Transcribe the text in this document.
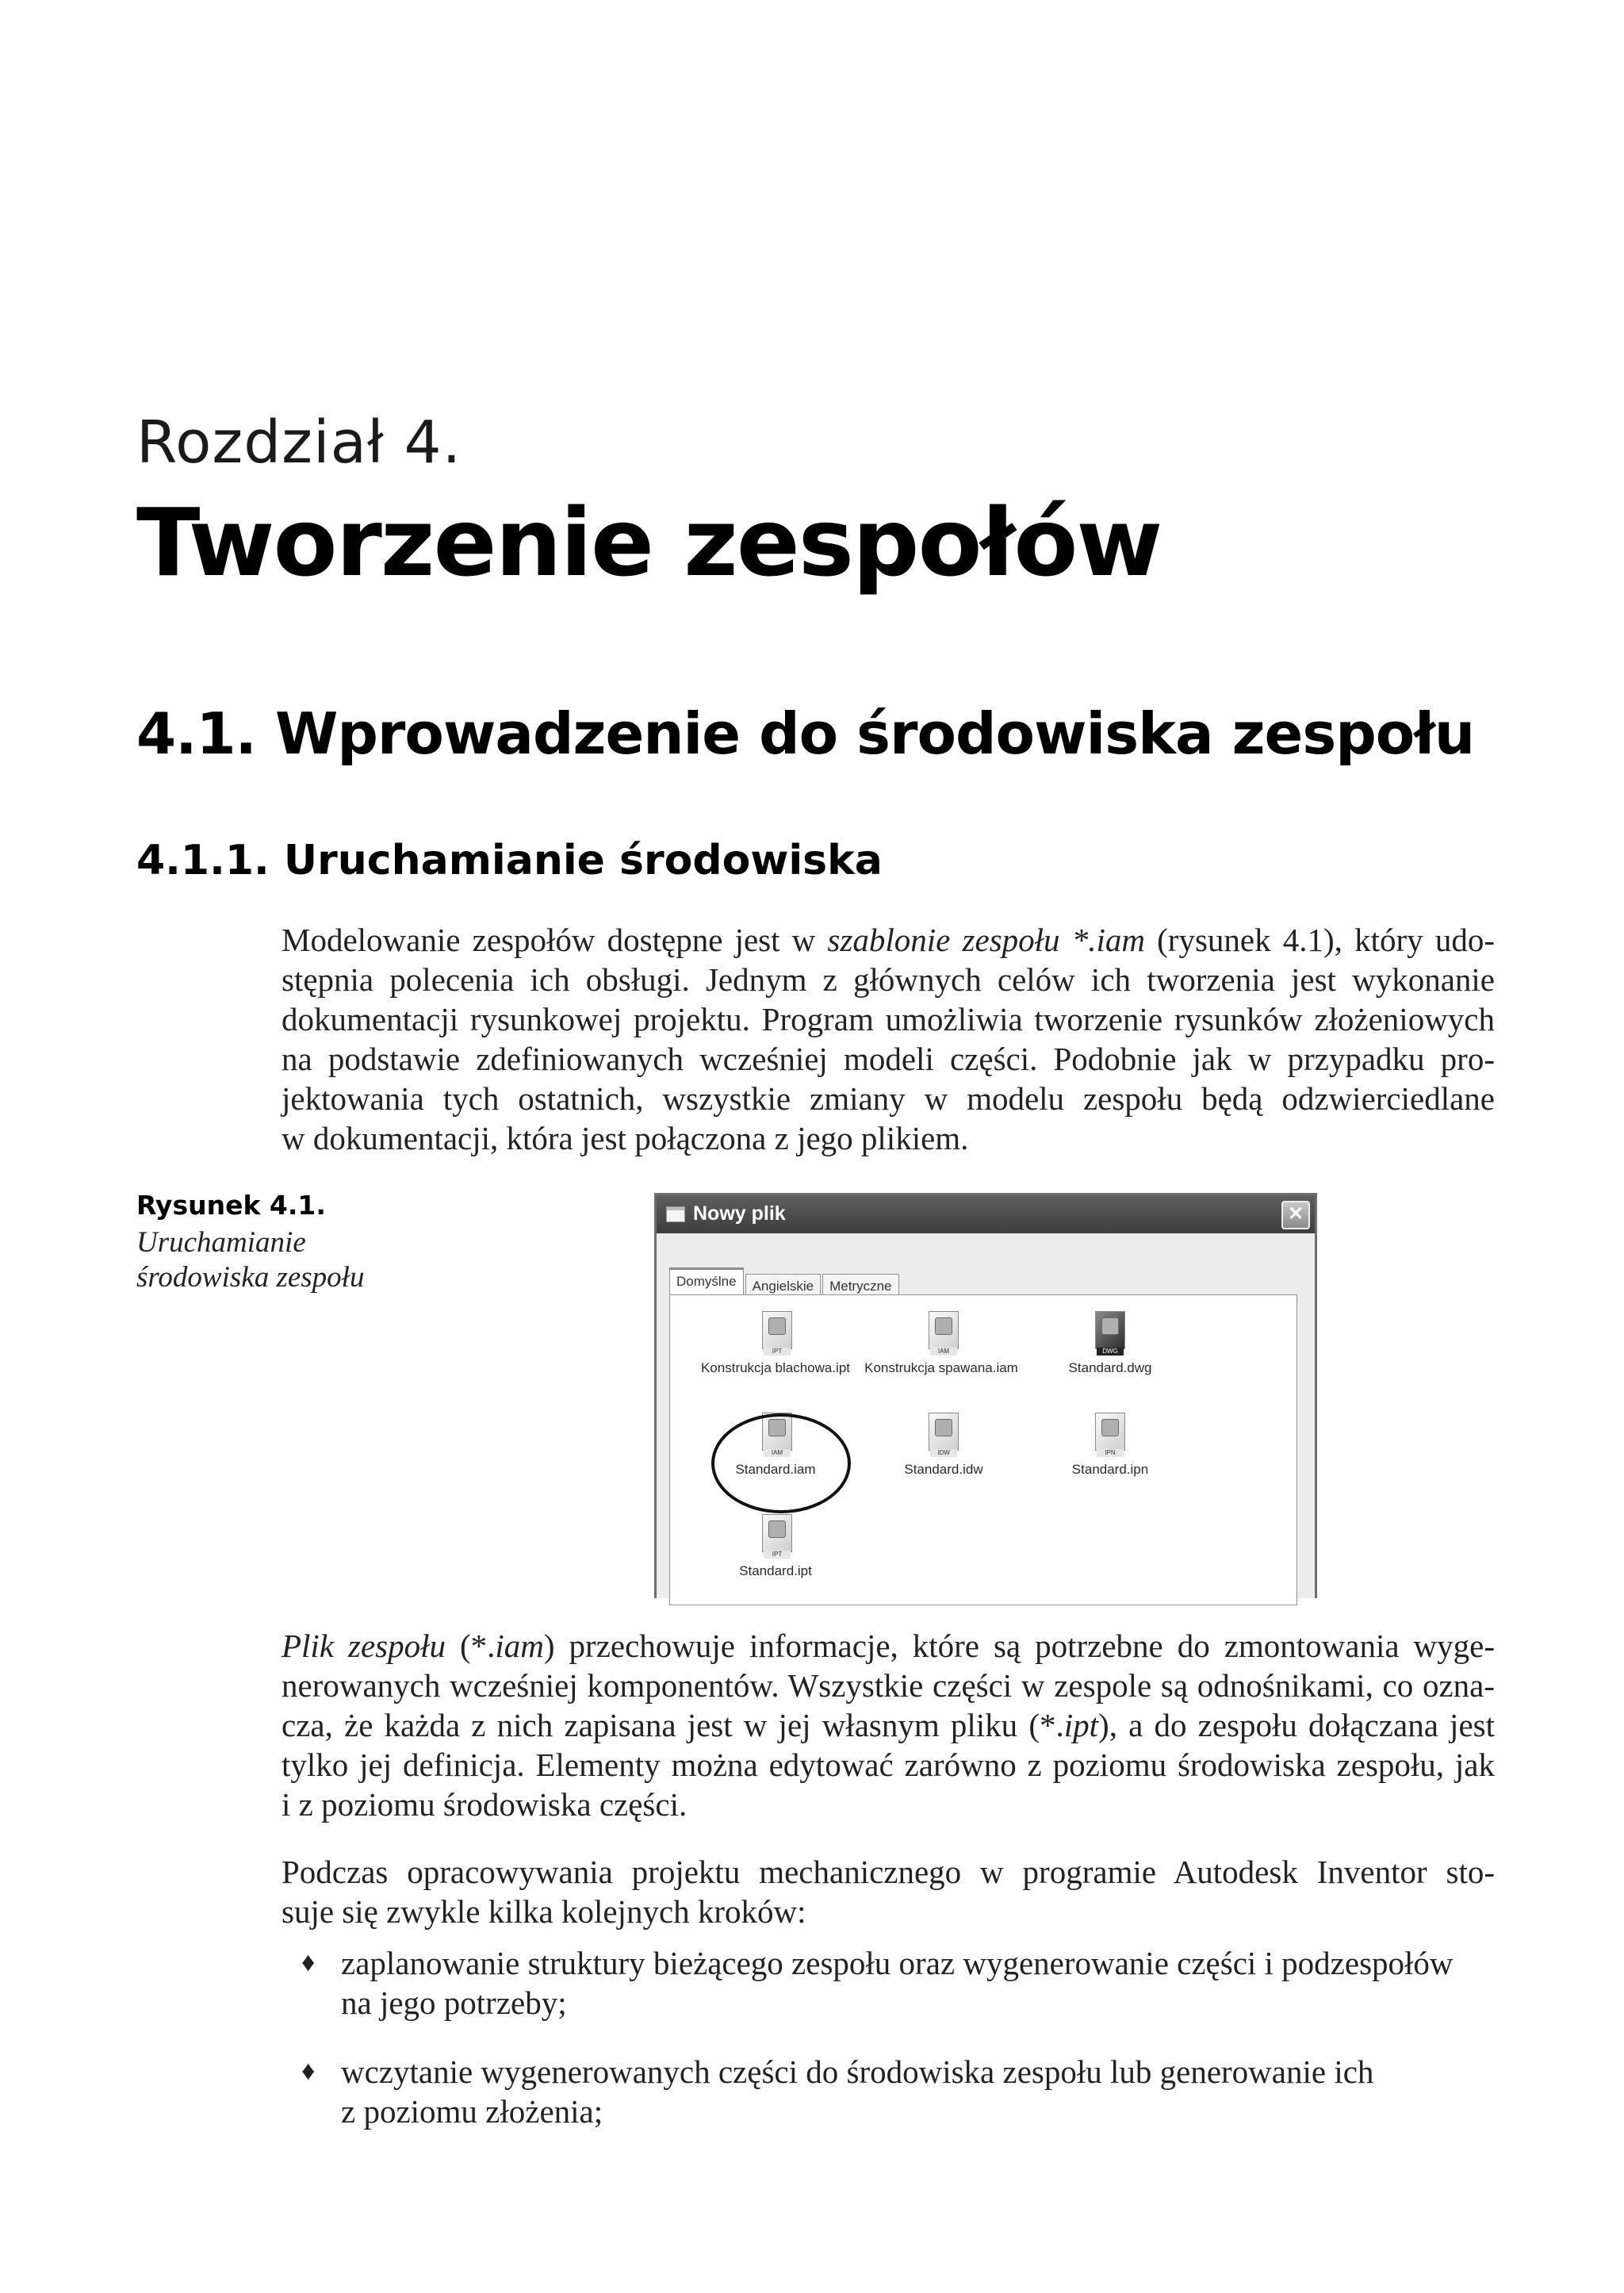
Rozdział 4.
Tworzenie zespołów
4.1. Wprowadzenie do środowiska zespołu
4.1.1. Uruchamianie środowiska

Modelowanie zespołów dostępne jest w szablonie zespołu *.iam (rysunek 4.1), który udo-
stępnia polecenia ich obsługi. Jednym z głównych celów ich tworzenia jest wykonanie
dokumentacji rysunkowej projektu. Program umożliwia tworzenie rysunków złożeniowych
na podstawie zdefiniowanych wcześniej modeli części. Podobnie jak w przypadku pro-
jektowania tych ostatnich, wszystkie zmiany w modelu zespołu będą odzwierciedlane
w dokumentacji, która jest połączona z jego plikiem.

Rysunek 4.1.
Uruchamianie
środowiska zespołu
Nowy plik	✕
Domyślne Angielskie Metryczne
IPT
Konstrukcja blachowa.ipt
IAM
Konstrukcja spawana.iam
DWG
Standard.dwg
IAM
Standard.iam
IDW
Standard.idw
IPN
Standard.ipn
IPT
Standard.ipt

Plik zespołu (*.iam) przechowuje informacje, które są potrzebne do zmontowania wyge-
nerowanych wcześniej komponentów. Wszystkie części w zespole są odnośnikami, co ozna-
cza, że każda z nich zapisana jest w jej własnym pliku (*.ipt), a do zespołu dołączana jest
tylko jej definicja. Elementy można edytować zarówno z poziomu środowiska zespołu, jak
i z poziomu środowiska części.

Podczas opracowywania projektu mechanicznego w programie Autodesk Inventor sto-
suje się zwykle kilka kolejnych kroków:

♦ zaplanowanie struktury bieżącego zespołu oraz wygenerowanie części i podzespołów
na jego potrzeby;
♦ wczytanie wygenerowanych części do środowiska zespołu lub generowanie ich
z poziomu złożenia;
